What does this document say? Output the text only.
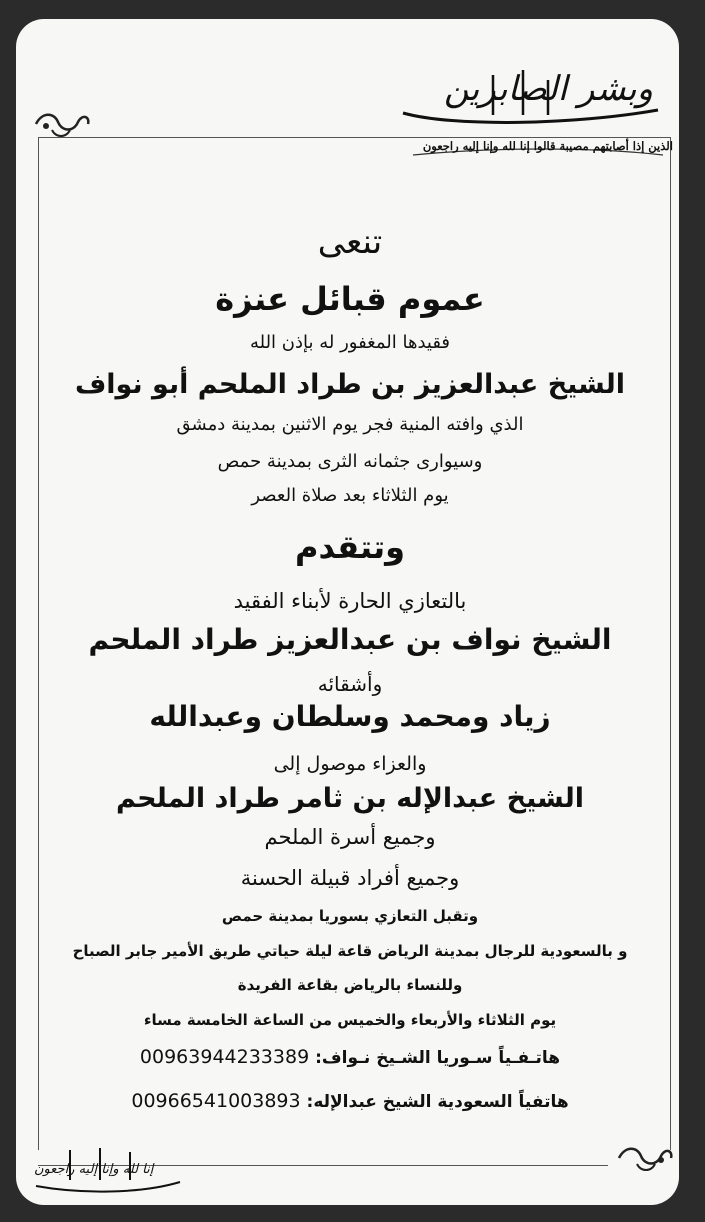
وبشر الصابرين
الذين إذا أصابتهم مصيبة قالوا إنا لله وإنا إليه راجعون
تنعى
عموم قبائل عنزة
فقيدها المغفور له بإذن الله
الشيخ عبدالعزيز بن طراد الملحم أبو نواف
الذي وافته المنية فجر يوم الاثنين بمدينة دمشق
وسيوارى جثمانه الثرى بمدينة حمص
يوم الثلاثاء بعد صلاة العصر
وتتقدم
بالتعازي الحارة لأبناء الفقيد
الشيخ نواف بن عبدالعزيز طراد الملحم
وأشقائه
زياد ومحمد وسلطان وعبدالله
والعزاء موصول إلى
الشيخ عبدالإله بن ثامر طراد الملحم
وجميع أسرة الملحم
وجميع أفراد قبيلة الحسنة
وتقبل التعازي بسوريا بمدينة حمص
و بالسعودية للرجال بمدينة الرياض قاعة ليلة حياتي طريق الأمير جابر الصباح
وللنساء بالرياض بقاعة الفريدة
يوم الثلاثاء والأربعاء والخميس من الساعة الخامسة مساء
هاتـفـياً سـوريا الشـيخ نـواف: 00963944233389
هاتفياً السعودية الشيخ عبدالإله: 00966541003893
إنا لله وإنا إليه راجعون
